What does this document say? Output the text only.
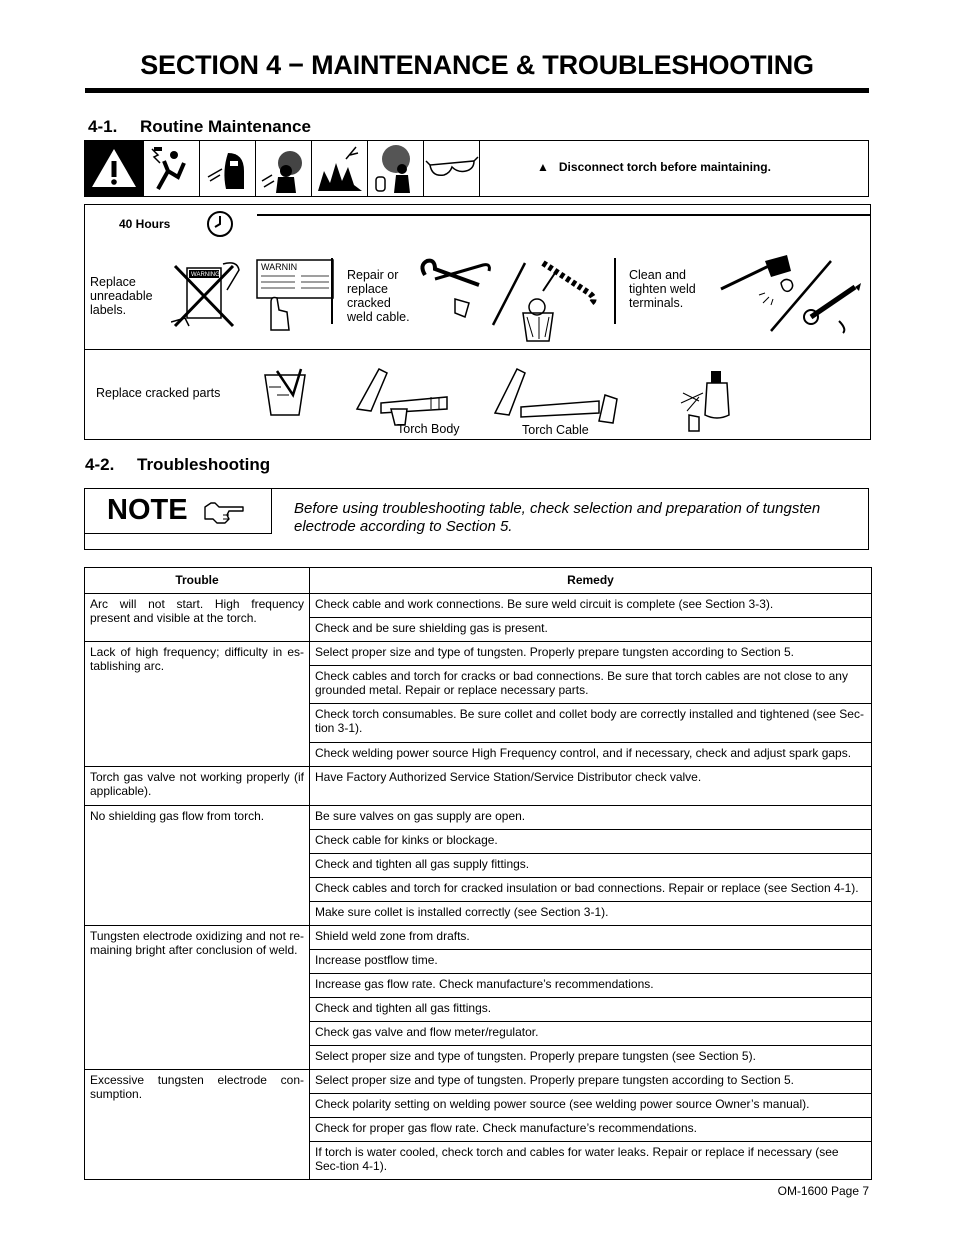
SECTION 4 − MAINTENANCE & TROUBLESHOOTING
4-1. Routine Maintenance
▲   Disconnect torch before maintaining.
40 Hours
Replace unreadable labels.
WARNING
WARNIN
Repair or replace cracked weld cable.
Clean and tighten weld terminals.
Replace cracked parts
Torch Body	Torch Cable
4-2. Troubleshooting
NOTE	Before using troubleshooting table, check selection and preparation of tungsten electrode according to Section 5.
Trouble	Remedy
Arc will not start. High frequency present and visible at the torch.	Check cable and work connections. Be sure weld circuit is complete (see Section 3-3).
	Check and be sure shielding gas is present.
Lack of high frequency; difficulty in es-tablishing arc.	Select proper size and type of tungsten. Properly prepare tungsten according to Section 5.
	Check cables and torch for cracks or bad connections. Be sure that torch cables are not close to any grounded metal. Repair or replace necessary parts.
	Check torch consumables. Be sure collet and collet body are correctly installed and tightened (see Sec-tion 3-1).
	Check welding power source High Frequency control, and if necessary, check and adjust spark gaps.
Torch gas valve not working properly (if applicable).	Have Factory Authorized Service Station/Service Distributor check valve.
No shielding gas flow from torch.	Be sure valves on gas supply are open.
	Check cable for kinks or blockage.
	Check and tighten all gas supply fittings.
	Check cables and torch for cracked insulation or bad connections. Repair or replace (see Section 4-1).
	Make sure collet is installed correctly (see Section 3-1).
Tungsten electrode oxidizing and not re-maining bright after conclusion of weld.	Shield weld zone from drafts.
	Increase postflow time.
	Increase gas flow rate. Check manufacture’s recommendations.
	Check and tighten all gas fittings.
	Check gas valve and flow meter/regulator.
	Select proper size and type of tungsten. Properly prepare tungsten (see Section 5).
Excessive tungsten electrode con-sumption.	Select proper size and type of tungsten. Properly prepare tungsten according to Section 5.
	Check polarity setting on welding power source (see welding power source Owner’s manual).
	Check for proper gas flow rate. Check manufacture’s recommendations.
	If torch is water cooled, check torch and cables for water leaks. Repair or replace if necessary (see Sec-tion 4-1).
OM-1600 Page 7
